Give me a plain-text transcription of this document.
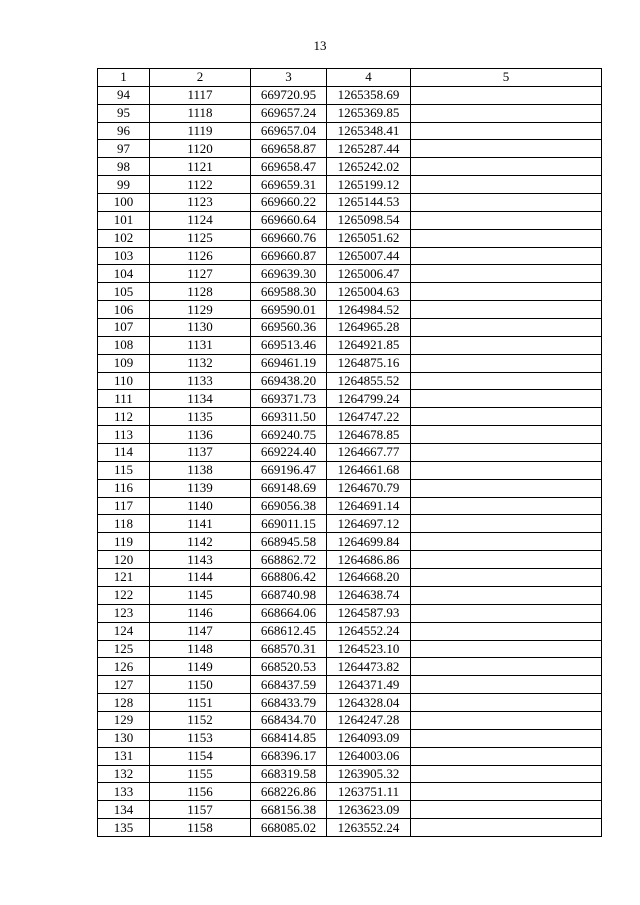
13
1	2	3	4	5
94	1117	669720.95	1265358.69	
95	1118	669657.24	1265369.85	
96	1119	669657.04	1265348.41	
97	1120	669658.87	1265287.44	
98	1121	669658.47	1265242.02	
99	1122	669659.31	1265199.12	
100	1123	669660.22	1265144.53	
101	1124	669660.64	1265098.54	
102	1125	669660.76	1265051.62	
103	1126	669660.87	1265007.44	
104	1127	669639.30	1265006.47	
105	1128	669588.30	1265004.63	
106	1129	669590.01	1264984.52	
107	1130	669560.36	1264965.28	
108	1131	669513.46	1264921.85	
109	1132	669461.19	1264875.16	
110	1133	669438.20	1264855.52	
111	1134	669371.73	1264799.24	
112	1135	669311.50	1264747.22	
113	1136	669240.75	1264678.85	
114	1137	669224.40	1264667.77	
115	1138	669196.47	1264661.68	
116	1139	669148.69	1264670.79	
117	1140	669056.38	1264691.14	
118	1141	669011.15	1264697.12	
119	1142	668945.58	1264699.84	
120	1143	668862.72	1264686.86	
121	1144	668806.42	1264668.20	
122	1145	668740.98	1264638.74	
123	1146	668664.06	1264587.93	
124	1147	668612.45	1264552.24	
125	1148	668570.31	1264523.10	
126	1149	668520.53	1264473.82	
127	1150	668437.59	1264371.49	
128	1151	668433.79	1264328.04	
129	1152	668434.70	1264247.28	
130	1153	668414.85	1264093.09	
131	1154	668396.17	1264003.06	
132	1155	668319.58	1263905.32	
133	1156	668226.86	1263751.11	
134	1157	668156.38	1263623.09	
135	1158	668085.02	1263552.24	
